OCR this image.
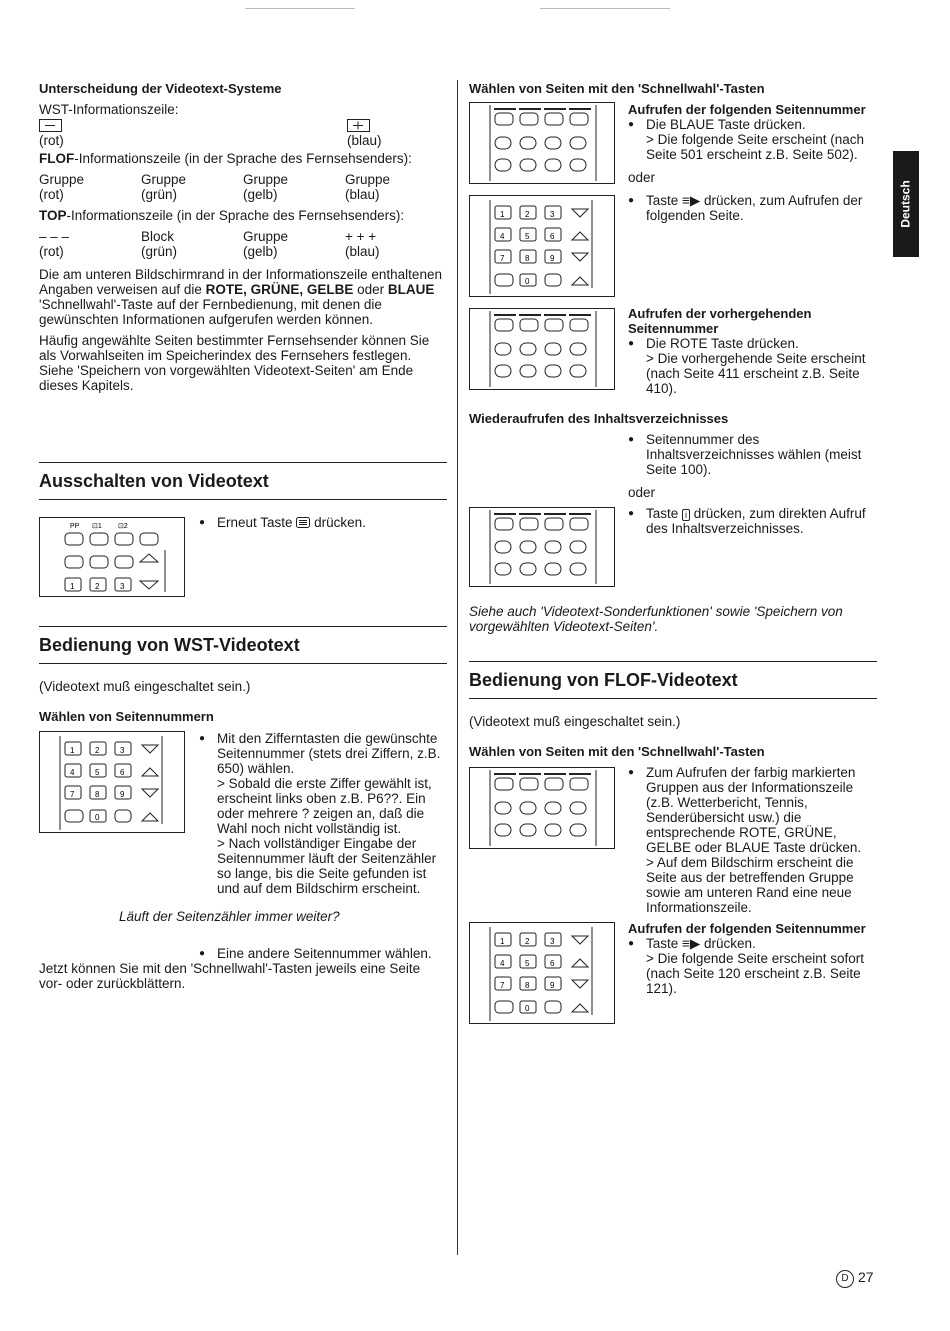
Deutsch
Unterscheidung der Videotext-Systeme
WST-Informationszeile:
(rot)	(blau)
FLOF-Informationszeile (in der Sprache des Fernsehsenders):
Gruppe	Gruppe	Gruppe	Gruppe
(rot)	(grün)	(gelb)	(blau)
TOP-Informationszeile (in der Sprache des Fernsehsenders):
– – –	Block	Gruppe	+ + +
(rot)	(grün)	(gelb)	(blau)

Die am unteren Bildschirmrand in der Informationszeile enthaltenen Angaben verweisen auf die ROTE, GRÜNE, GELBE oder BLAUE 'Schnellwahl'-Taste auf der Fernbedienung, mit denen die gewünschten Informationen aufgerufen werden können.

Häufig angewählte Seiten bestimmter Fernsehsender können Sie als Vorwahlseiten im Speicherindex des Fernsehers festlegen. Siehe 'Speichern von vorgewählten Videotext-Seiten' am Ende dieses Kapitels.

Ausschalten von Videotext
PP ⊡1 ⊡2
1	2	3
● Erneut Taste  drücken.
Bedienung von WST-Videotext
(Videotext muß eingeschaltet sein.)
Wählen von Seitennummern
1	2	3
4	5	6
7	8	9
0
● Mit den Zifferntasten die gewünschte Seitennummer (stets drei Ziffern, z.B. 650) wählen.
> Sobald die erste Ziffer gewählt ist, erscheint links oben z.B. P6??. Ein oder mehrere ? zeigen an, daß die Wahl noch nicht vollständig ist.
> Nach vollständiger Eingabe der Seitennummer läuft der Seitenzähler so lange, bis die Seite gefunden ist und auf dem Bildschirm erscheint.
Läuft der Seitenzähler immer weiter?
● Eine andere Seitennummer wählen.
Jetzt können Sie mit den 'Schnellwahl'-Tasten jeweils eine Seite vor- oder zurückblättern.
Wählen von Seiten mit den 'Schnellwahl'-Tasten
Aufrufen der folgenden Seitennummer
● Die BLAUE Taste drücken.
> Die folgende Seite erscheint (nach Seite 501 erscheint z.B. Seite 502).
oder
● Taste ≡▶ drücken, zum Aufrufen der folgenden Seite.
1	2	3
4	5	6
7	8	9
0
Aufrufen der vorhergehenden Seitennummer
● Die ROTE Taste drücken.
> Die vorhergehende Seite erscheint (nach Seite 411 erscheint z.B. Seite 410).
Wiederaufrufen des Inhaltsverzeichnisses
● Seitennummer des Inhaltsverzeichnisses wählen (meist Seite 100).
oder
● Taste i drücken, zum direkten Aufruf des Inhaltsverzeichnisses.
Siehe auch 'Videotext-Sonderfunktionen' sowie 'Speichern von vorgewählten Videotext-Seiten'.
Bedienung von FLOF-Videotext
(Videotext muß eingeschaltet sein.)
Wählen von Seiten mit den 'Schnellwahl'-Tasten
● Zum Aufrufen der farbig markierten Gruppen aus der Informationszeile (z.B. Wetterbericht, Tennis, Senderübersicht usw.) die entsprechende ROTE, GRÜNE, GELBE oder BLAUE Taste drücken.
> Auf dem Bildschirm erscheint die Seite aus der betreffenden Gruppe sowie am unteren Rand eine neue Informationszeile.
1	2	3
4	5	6
7	8	9
0
Aufrufen der folgenden Seitennummer
● Taste ≡▶ drücken.
> Die folgende Seite erscheint sofort (nach Seite 120 erscheint z.B. Seite 121).
D 27
